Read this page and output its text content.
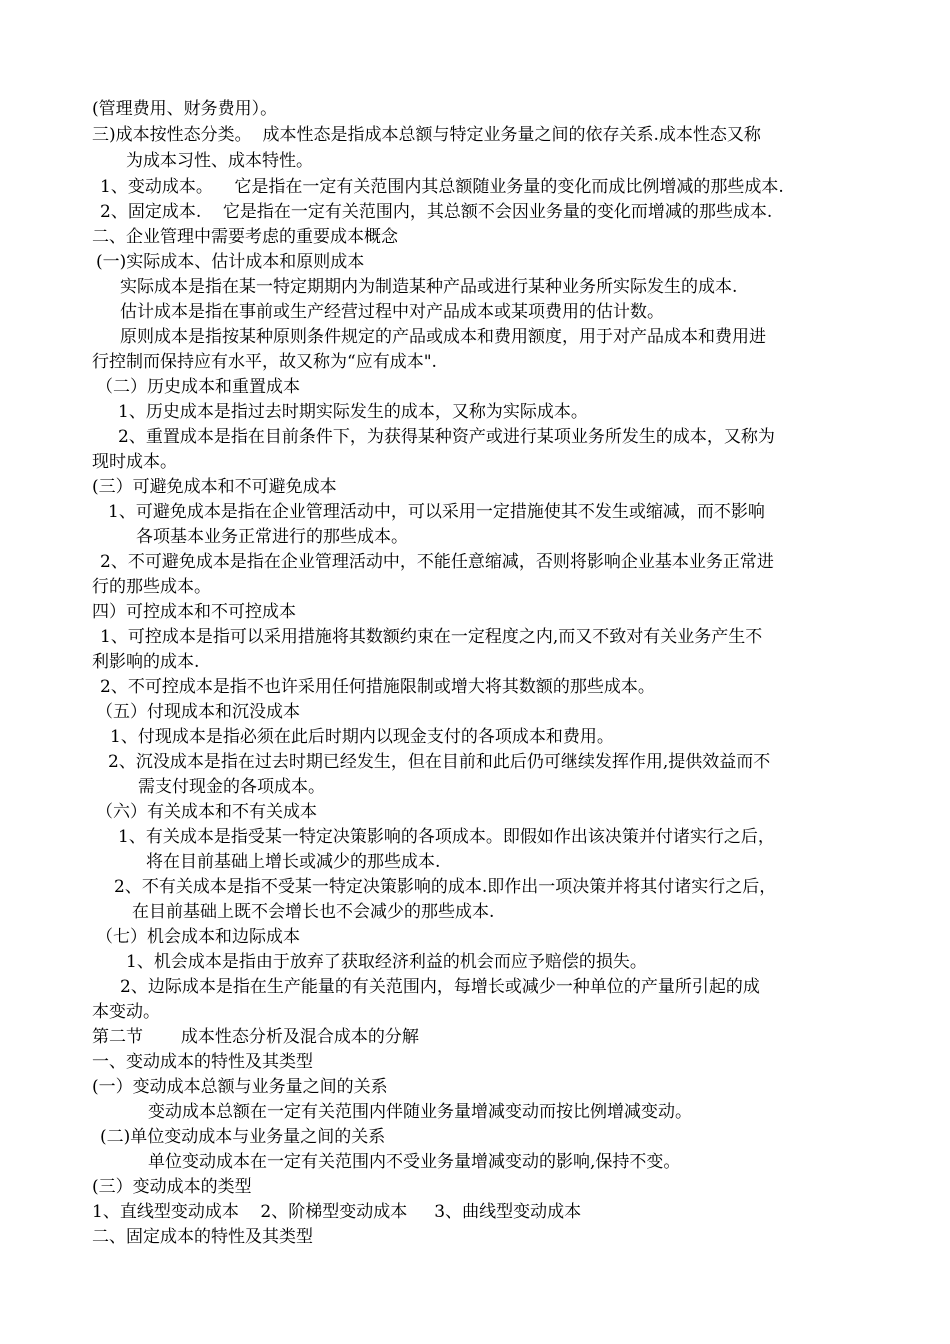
(管理费用、财务费用）。
三)成本按性态分类。  成本性态是指成本总额与特定业务量之间的依存关系.成本性态又称
为成本习性、成本特性。
1、变动成本。    它是指在一定有关范围内其总额随业务量的变化而成比例增减的那些成本.
2、固定成本.    它是指在一定有关范围内，其总额不会因业务量的变化而增减的那些成本.
二、企业管理中需要考虑的重要成本概念
(一)实际成本、估计成本和原则成本
实际成本是指在某一特定期期内为制造某种产品或进行某种业务所实际发生的成本.
估计成本是指在事前或生产经营过程中对产品成本或某项费用的估计数。
原则成本是指按某种原则条件规定的产品或成本和费用额度，用于对产品成本和费用进
行控制而保持应有水平，故又称为“应有成本".
（二）历史成本和重置成本
1、历史成本是指过去时期实际发生的成本，又称为实际成本。
2、重置成本是指在目前条件下，为获得某种资产或进行某项业务所发生的成本，又称为
现时成本。
(三）可避免成本和不可避免成本
1、可避免成本是指在企业管理活动中，可以采用一定措施使其不发生或缩减，而不影响
各项基本业务正常进行的那些成本。
2、不可避免成本是指在企业管理活动中，不能任意缩减，否则将影响企业基本业务正常进
行的那些成本。
四）可控成本和不可控成本
1、可控成本是指可以采用措施将其数额约束在一定程度之内,而又不致对有关业务产生不
利影响的成本.
2、不可控成本是指不也许采用任何措施限制或增大将其数额的那些成本。
（五）付现成本和沉没成本
1、付现成本是指必须在此后时期内以现金支付的各项成本和费用。
2、沉没成本是指在过去时期已经发生，但在目前和此后仍可继续发挥作用,提供效益而不
需支付现金的各项成本。
（六）有关成本和不有关成本
1、有关成本是指受某一特定决策影响的各项成本。即假如作出该决策并付诸实行之后，
将在目前基础上增长或减少的那些成本.
2、不有关成本是指不受某一特定决策影响的成本.即作出一项决策并将其付诸实行之后，
在目前基础上既不会增长也不会减少的那些成本.
（七）机会成本和边际成本
1、机会成本是指由于放弃了获取经济利益的机会而应予赔偿的损失。
2、边际成本是指在生产能量的有关范围内，每增长或减少一种单位的产量所引起的成
本变动。
第二节       成本性态分析及混合成本的分解
一、变动成本的特性及其类型
(一）变动成本总额与业务量之间的关系
变动成本总额在一定有关范围内伴随业务量增减变动而按比例增减变动。
(二)单位变动成本与业务量之间的关系
单位变动成本在一定有关范围内不受业务量增减变动的影响,保持不变。
(三）变动成本的类型
1、直线型变动成本    2、阶梯型变动成本     3、曲线型变动成本
二、固定成本的特性及其类型
